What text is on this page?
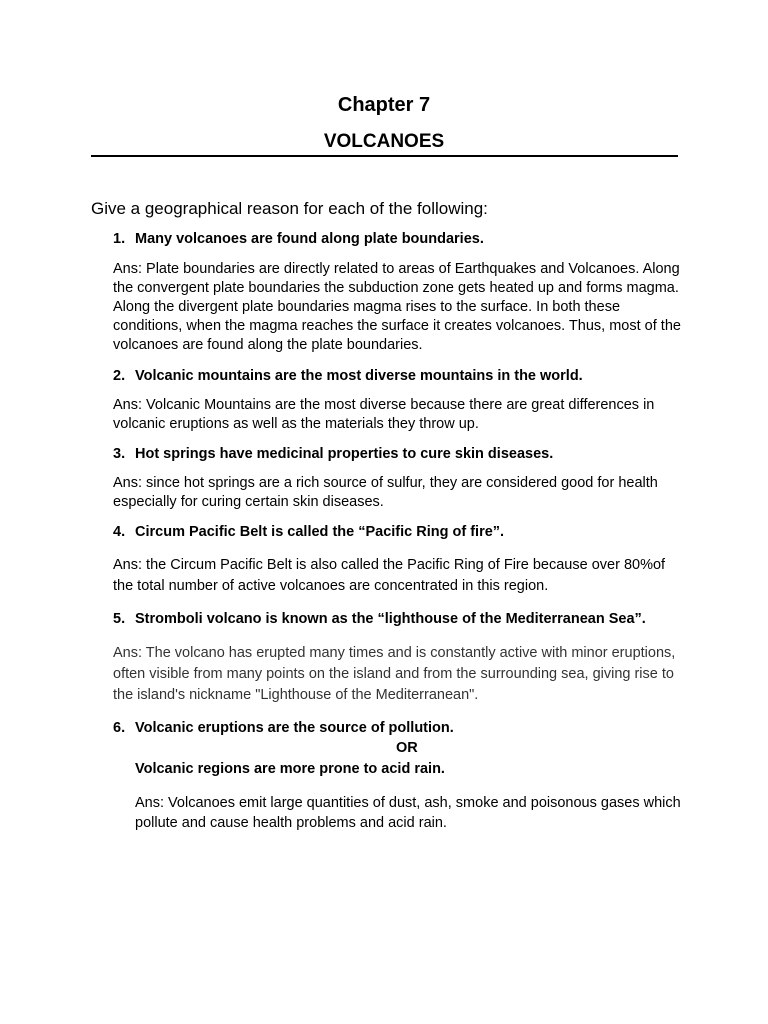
Chapter 7
VOLCANOES
Give a geographical reason for each of the following:
1. Many volcanoes are found along plate boundaries.
Ans: Plate boundaries are directly related to areas of Earthquakes and Volcanoes. Along the convergent plate boundaries the subduction zone gets heated up and forms magma. Along the divergent plate boundaries magma rises to the surface. In both these conditions, when the magma reaches the surface it creates volcanoes. Thus, most of the volcanoes are found along the plate boundaries.
2. Volcanic mountains are the most diverse mountains in the world.
Ans: Volcanic Mountains are the most diverse because there are great differences in volcanic eruptions as well as the materials they throw up.
3. Hot springs have medicinal properties to cure skin diseases.
Ans: since hot springs are a rich source of sulfur, they are considered good for health especially for curing certain skin diseases.
4. Circum Pacific Belt is called the “Pacific Ring of fire”.
Ans: the Circum Pacific Belt is also called the Pacific Ring of Fire because over 80%of the total number of active volcanoes are concentrated in this region.
5. Stromboli volcano is known as the “lighthouse of the Mediterranean Sea”.
Ans: The volcano has erupted many times and is constantly active with minor eruptions, often visible from many points on the island and from the surrounding sea, giving rise to the island's nickname "Lighthouse of the Mediterranean".
6. Volcanic eruptions are the source of pollution.
OR
Volcanic regions are more prone to acid rain.
Ans: Volcanoes emit large quantities of dust, ash, smoke and poisonous gases which pollute and cause health problems and acid rain.
